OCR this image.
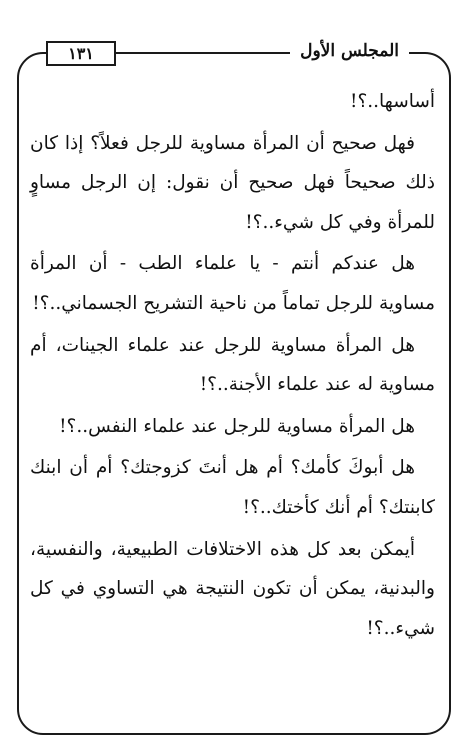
١٣١	المجلس الأول

أساسها..؟!

فهل صحيح أن المرأة مساوية للرجل فعلاً؟ إذا كان ذلك صحيحاً فهل صحيح أن نقول: إن الرجل مساوٍ للمرأة وفي كل شيء..؟!

هل عندكم أنتم - يا علماء الطب - أن المرأة مساوية للرجل تماماً من ناحية التشريح الجسماني..؟!

هل المرأة مساوية للرجل عند علماء الجينات، أم مساوية له عند علماء الأجنة..؟!

هل المرأة مساوية للرجل عند علماء النفس..؟!

هل أبوكَ كأمك؟ أم هل أنتَ كزوجتك؟ أم أن ابنك كابنتك؟ أم أنك كأختك..؟!

أيمكن بعد كل هذه الاختلافات الطبيعية، والنفسية، والبدنية، يمكن أن تكون النتيجة هي التساوي في كل شيء..؟!
